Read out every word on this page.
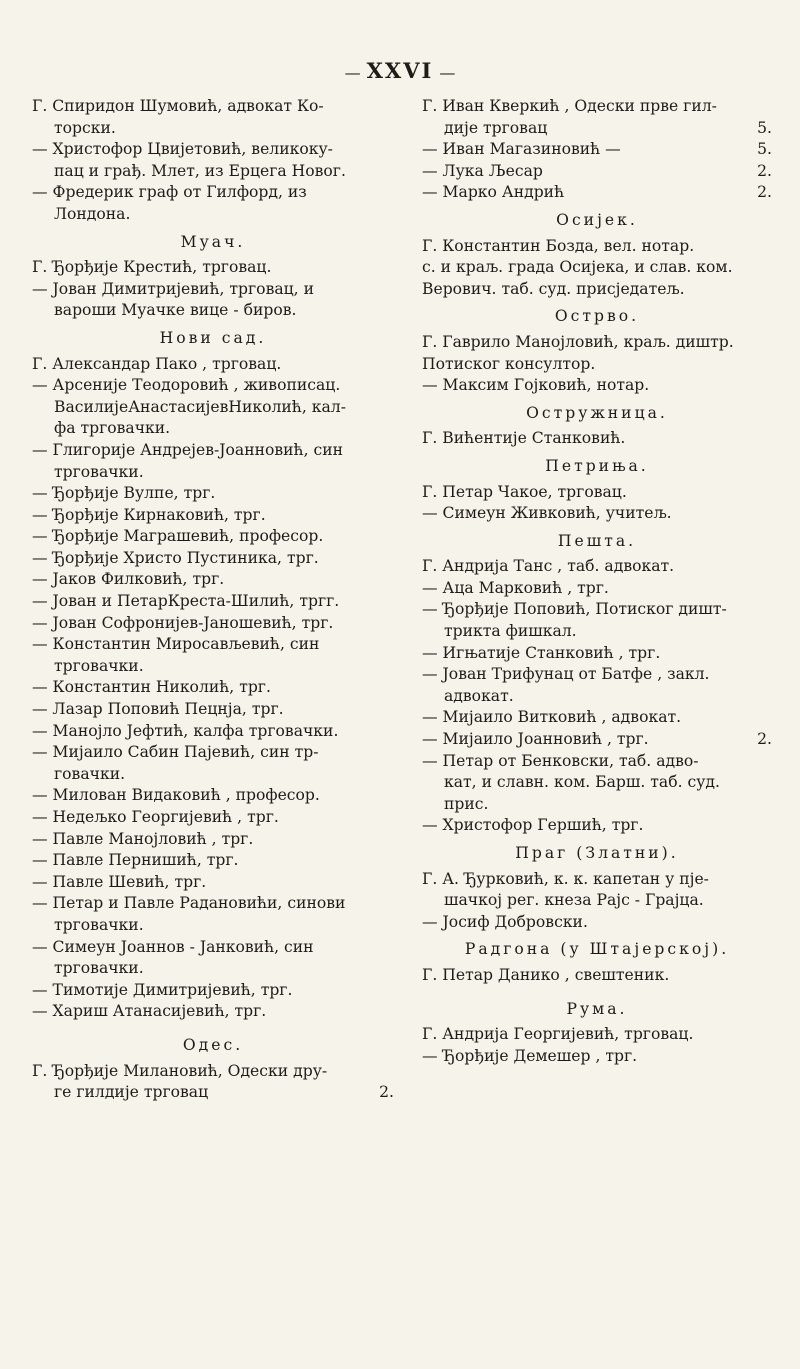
— XXVI —
Г. Спиридон Шумовић, адвокат Ко-
торски.
— Христофор Цвијетовић, великоку-
пац и грађ. Млет, из Ерцега Новог.
— Фредерик граф от Гилфорд, из
Лондона.
Муач.
Г. Ђорђије Крестић, трговац.
— Јован Димитријевић, трговац, и
вароши Муачке вице - биров.
Нови сад.
Г. Александар Пако , трговац.
— Арсеније Теодоровић , живописац.
ВасилијеАнастасијевНиколић, кал-
фа трговачки.
— Глигорије Андрејев-Јоанновић, син
трговачки.
— Ђорђије Вулпе, трг.
— Ђорђије Кирнаковић, трг.
— Ђорђије Маграшевић, професор.
— Ђорђије Христо Пустиника, трг.
— Јаков Филковић, трг.
— Јован и ПетарКреста-Шилић, тргг.
— Јован Софронијев-Јаношевић, трг.
— Константин Миросављевић, син
трговачки.
— Константин Николић, трг.
— Лазар Поповић Пецнја, трг.
— Манојло Јефтић, калфа трговачки.
— Мијаило Сабин Пајевић, син тр-
говачки.
— Милован Видаковић , професор.
— Недељко Георгијевић , трг.
— Павле Манојловић , трг.
— Павле Пернишић, трг.
— Павле Шевић, трг.
— Петар и Павле Радановићи, синови
трговачки.
— Симеун Јоаннов - Јанковић, син
трговачки.
— Тимотије Димитријевић, трг.
— Хариш Атанасијевић, трг.
Одес.
Г. Ђорђије Милановић, Одески дру-
ге гилдије трговац	2.
Г. Иван Кверкић , Одески прве гил-
дије трговац	5.
— Иван Магазиновић —	5.
— Лука Љесар	2.
— Марко Андрић	2.
Осијек.
Г. Константин Бозда, вел. нотар.
с. и краљ. града Осијека, и слав. ком.
Верович. таб. суд. присједатељ.
Острво.
Г. Гаврило Манојловић, краљ. диштр.
Потиског консултор.
— Максим Гојковић, нотар.
Остружница.
Г. Вићентије Станковић.
Петриња.
Г. Петар Чакое, трговац.
— Симеун Живковић, учитељ.
Пешта.
Г. Андрија Танс , таб. адвокат.
— Аца Марковић , трг.
— Ђорђије Поповић, Потиског дишт-
трикта фишкал.
— Игњатије Станковић , трг.
— Јован Трифунац от Батфе , закл.
адвокат.
— Мијаило Витковић , адвокат.
— Мијаило Јоанновић , трг.	2.
— Петар от Бенковски, таб. адво-
кат, и славн. ком. Барш. таб. суд.
прис.
— Христофор Гершић, трг.
Праг (Златни).
Г. А. Ђурковић, к. к. капетан у пје-
шачкој рег. кнеза Рајс - Грајца.
— Јосиф Добровски.
Радгона (у Штајерској).
Г. Петар Данико , свештеник.
Рума.
Г. Андрија Георгијевић, трговац.
— Ђорђије Демешер , трг.
